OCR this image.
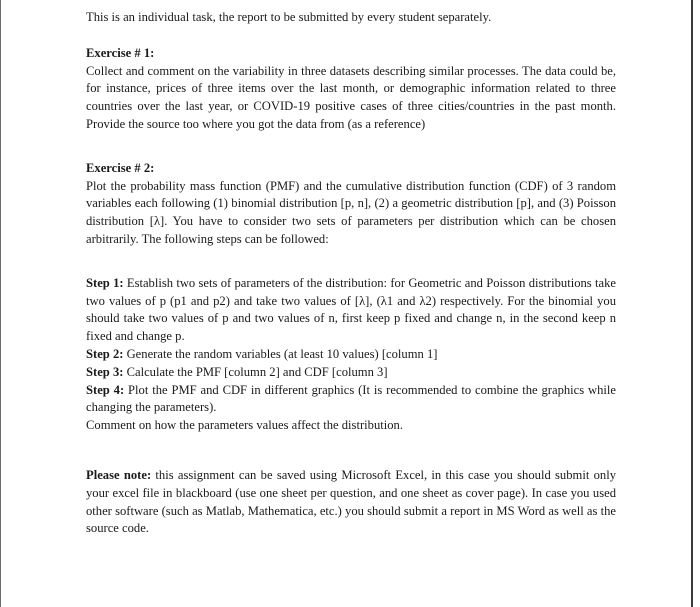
This is an individual task, the report to be submitted by every student separately.

Exercise # 1:

Collect and comment on the variability in three datasets describing similar processes. The data could be, for instance, prices of three items over the last month, or demographic information related to three countries over the last year, or COVID-19 positive cases of three cities/countries in the past month. Provide the source too where you got the data from (as a reference)

Exercise # 2:

Plot the probability mass function (PMF) and the cumulative distribution function (CDF) of 3 random variables each following (1) binomial distribution [p, n], (2) a geometric distribution [p], and (3) Poisson distribution [λ]. You have to consider two sets of parameters per distribution which can be chosen arbitrarily. The following steps can be followed:

Step 1: Establish two sets of parameters of the distribution: for Geometric and Poisson distributions take two values of p (p1 and p2) and take two values of [λ], (λ1 and λ2) respectively. For the binomial you should take two values of p and two values of n, first keep p fixed and change n, in the second keep n fixed and change p.

Step 2: Generate the random variables (at least 10 values) [column 1]

Step 3: Calculate the PMF [column 2] and CDF [column 3]

Step 4: Plot the PMF and CDF in different graphics (It is recommended to combine the graphics while changing the parameters).

Comment on how the parameters values affect the distribution.

Please note: this assignment can be saved using Microsoft Excel, in this case you should submit only your excel file in blackboard (use one sheet per question, and one sheet as cover page). In case you used other software (such as Matlab, Mathematica, etc.) you should submit a report in MS Word as well as the source code.
